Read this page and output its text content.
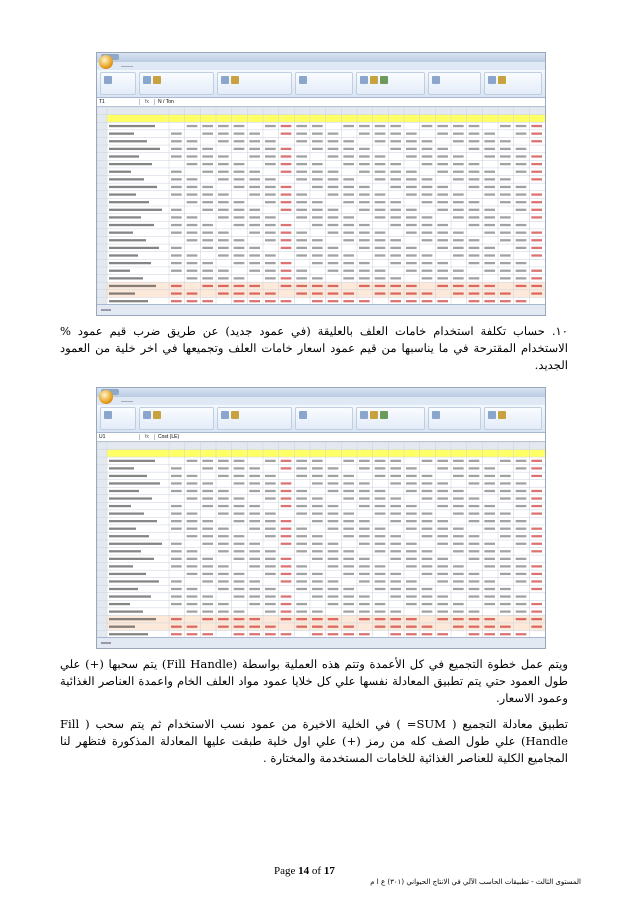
T1	fx	N / Ton

١٠. حساب تكلفة استخدام خامات العلف بالعليقة (في عمود جديد) عن طريق ضرب قيم عمود % الاستخدام المقترحة في ما يناسبها من قيم عمود اسعار خامات العلف وتجميعها في اخر خلية من العمود الجديد.

U1	fx	Cost (LE)

ويتم عمل خطوة التجميع في كل الأعمدة وتتم هذه العملية بواسطة (Fill Handle) يتم سحبها (+) علي طول العمود حتي يتم تطبيق المعادلة نفسها علي كل خلايا عمود مواد العلف الخام واعمدة العناصر الغذائية وعمود الاسعار.

تطبيق معادلة التجميع ( SUM= ) في الخلية الاخيرة من عمود نسب الاستخدام ثم يتم سحب ( Fill Handle) علي طول الصف كله من رمز (+) علي اول خلية طبقت عليها المعادلة المذكورة فتظهر لنا المجاميع الكلية للعناصر الغذائية للخامات المستخدمة والمختارة .

Page 14 of 17
المستوى الثالث - تطبيقات الحاسب الآلي في الانتاج الحيواني (٣٠١) ع ا م
